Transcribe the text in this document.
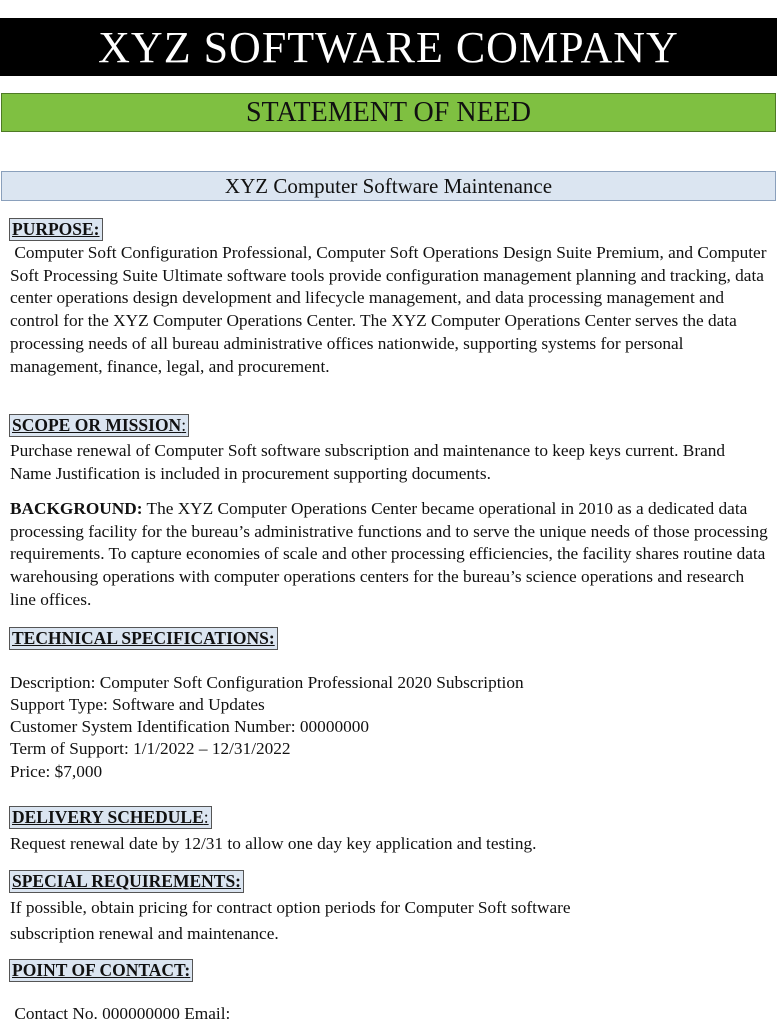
XYZ SOFTWARE COMPANY
STATEMENT OF NEED
XYZ Computer Software Maintenance
PURPOSE:

Computer Soft Configuration Professional, Computer Soft Operations Design Suite Premium, and Computer Soft Processing Suite Ultimate software tools provide configuration management planning and tracking, data center operations design development and lifecycle management, and data processing management and control for the XYZ Computer Operations Center. The XYZ Computer Operations Center serves the data processing needs of all bureau administrative offices nationwide, supporting systems for personal management, finance, legal, and procurement.

SCOPE OR MISSION:

Purchase renewal of Computer Soft software subscription and maintenance to keep keys current. Brand Name Justification is included in procurement supporting documents.

BACKGROUND: The XYZ Computer Operations Center became operational in 2010 as a dedicated data processing facility for the bureau’s administrative functions and to serve the unique needs of those processing requirements. To capture economies of scale and other processing efficiencies, the facility shares routine data warehousing operations with computer operations centers for the bureau’s science operations and research line offices.

TECHNICAL SPECIFICATIONS:
Description: Computer Soft Configuration Professional 2020 Subscription
Support Type: Software and Updates
Customer System Identification Number: 00000000
Term of Support: 1/1/2022 – 12/31/2022
Price: $7,000
DELIVERY SCHEDULE:
Request renewal date by 12/31 to allow one day key application and testing.
SPECIAL REQUIREMENTS:
If possible, obtain pricing for contract option periods for Computer Soft software
subscription renewal and maintenance.
POINT OF CONTACT:
Contact No. 000000000 Email:
